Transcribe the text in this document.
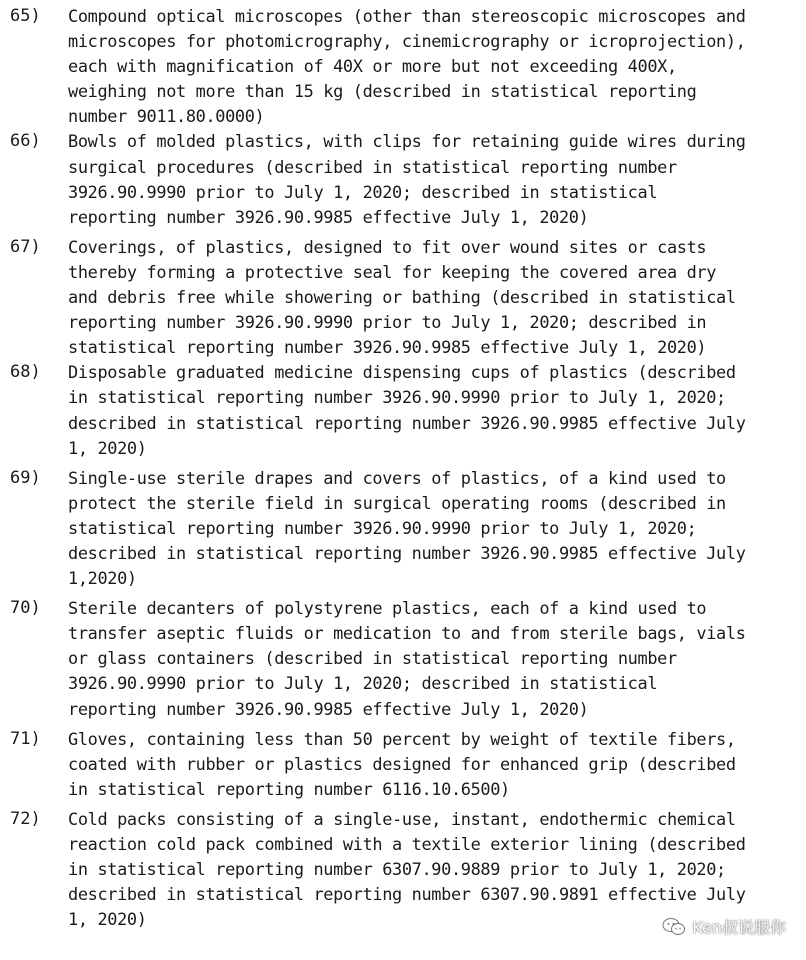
65)	Compound optical microscopes (other than stereoscopic microscopes and
microscopes for photomicrography, cinemicrography or icroprojection),
each with magnification of 40X or more but not exceeding 400X,
weighing not more than 15 kg (described in statistical reporting
number 9011.80.0000)
66)	Bowls of molded plastics, with clips for retaining guide wires during
surgical procedures (described in statistical reporting number
3926.90.9990 prior to July 1, 2020; described in statistical
reporting number 3926.90.9985 effective July 1, 2020)
67)	Coverings, of plastics, designed to fit over wound sites or casts
thereby forming a protective seal for keeping the covered area dry
and debris free while showering or bathing (described in statistical
reporting number 3926.90.9990 prior to July 1, 2020; described in
statistical reporting number 3926.90.9985 effective July 1, 2020)
68)	Disposable graduated medicine dispensing cups of plastics (described
in statistical reporting number 3926.90.9990 prior to July 1, 2020;
described in statistical reporting number 3926.90.9985 effective July
1, 2020)
69)	Single-use sterile drapes and covers of plastics, of a kind used to
protect the sterile field in surgical operating rooms (described in
statistical reporting number 3926.90.9990 prior to July 1, 2020;
described in statistical reporting number 3926.90.9985 effective July
1,2020)
70)	Sterile decanters of polystyrene plastics, each of a kind used to
transfer aseptic fluids or medication to and from sterile bags, vials
or glass containers (described in statistical reporting number
3926.90.9990 prior to July 1, 2020; described in statistical
reporting number 3926.90.9985 effective July 1, 2020)
71)	Gloves, containing less than 50 percent by weight of textile fibers,
coated with rubber or plastics designed for enhanced grip (described
in statistical reporting number 6116.10.6500)
72)	Cold packs consisting of a single-use, instant, endothermic chemical
reaction cold pack combined with a textile exterior lining (described
in statistical reporting number 6307.90.9889 prior to July 1, 2020;
described in statistical reporting number 6307.90.9891 effective July
1, 2020)	Ken叔说服你
